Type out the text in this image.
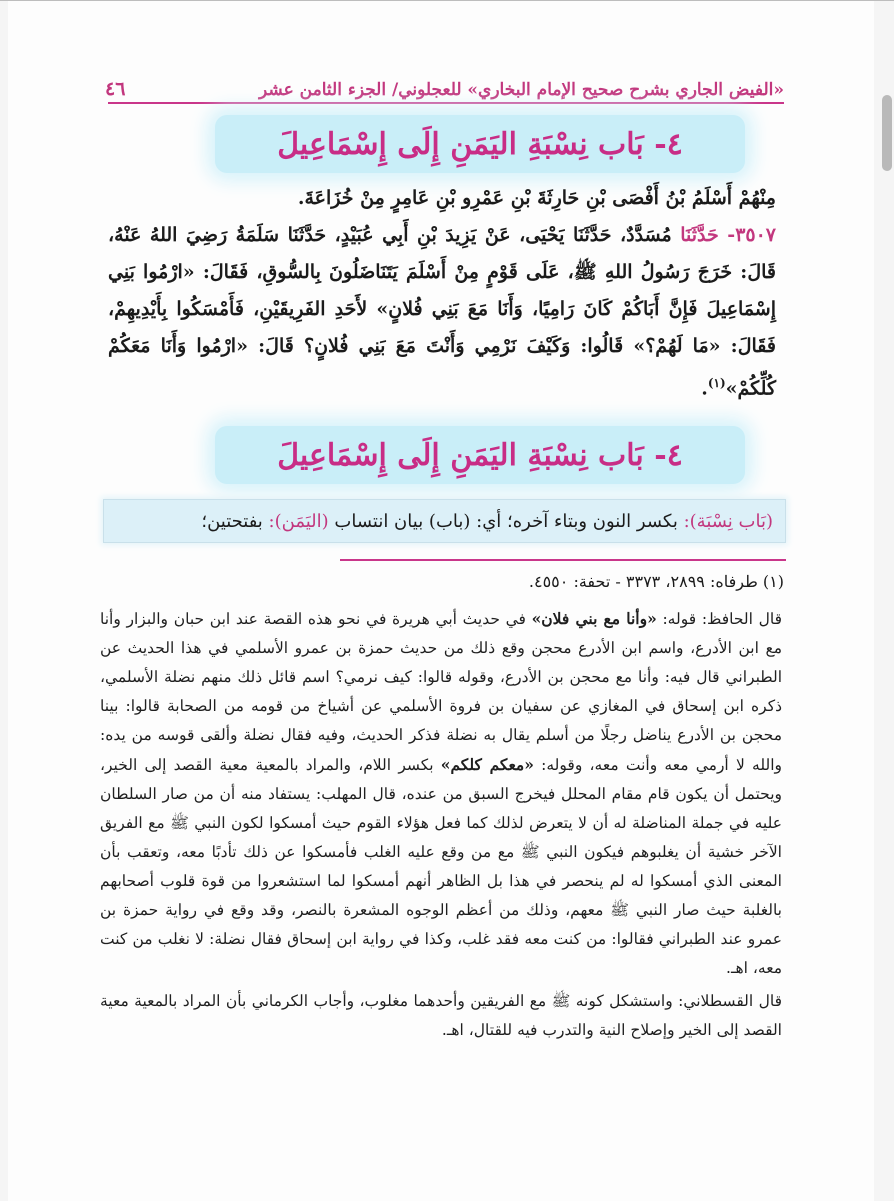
«الفيض الجاري بشرح صحيح الإمام البخاري» للعجلوني/ الجزء الثامن عشر
٤٦
٤- بَاب نِسْبَةِ اليَمَنِ إِلَى إِسْمَاعِيلَ
مِنْهُمْ أَسْلَمُ بْنُ أَفْصَى بْنِ حَارِثَةَ بْنِ عَمْرِو بْنِ عَامِرٍ مِنْ خُزَاعَةَ.
٣٥٠٧- حَدَّثَنَا مُسَدَّدٌ، حَدَّثَنَا يَحْيَى، عَنْ يَزِيدَ بْنِ أَبِي عُبَيْدٍ، حَدَّثَنَا سَلَمَةُ رَضِيَ اللهُ عَنْهُ، قَالَ: خَرَجَ رَسُولُ اللهِ ﷺ، عَلَى قَوْمٍ مِنْ أَسْلَمَ يَتَنَاضَلُونَ بِالسُّوقِ، فَقَالَ: «ارْمُوا بَنِي إِسْمَاعِيلَ فَإِنَّ أَبَاكُمْ كَانَ رَامِيًا، وَأَنَا مَعَ بَنِي فُلانٍ» لأَحَدِ الفَرِيقَيْنِ، فَأَمْسَكُوا بِأَيْدِيهِمْ، فَقَالَ: «مَا لَهُمْ؟» قَالُوا: وَكَيْفَ نَرْمِي وَأَنْتَ مَعَ بَنِي فُلانٍ؟ قَالَ: «ارْمُوا وَأَنَا مَعَكُمْ كُلِّكُمْ»$^{(١)}$.
٤- بَاب نِسْبَةِ اليَمَنِ إِلَى إِسْمَاعِيلَ
(بَاب نِسْبَة): بكسر النون وبتاء آخره؛ أي: (باب) بيان انتساب (اليَمَن): بفتحتين؛
(١) طرفاه: ٢٨٩٩، ٣٣٧٣ - تحفة: ٤٥٥٠.

قال الحافظ: قوله: «وأنا مع بني فلان» في حديث أبي هريرة في نحو هذه القصة عند ابن حبان والبزار وأنا مع ابن الأدرع، واسم ابن الأدرع محجن وقع ذلك من حديث حمزة بن عمرو الأسلمي في هذا الحديث عن الطبراني قال فيه: وأنا مع محجن بن الأدرع، وقوله قالوا: كيف نرمي؟ اسم قائل ذلك منهم نضلة الأسلمي، ذكره ابن إسحاق في المغازي عن سفيان بن فروة الأسلمي عن أشياخ من قومه من الصحابة قالوا: بينا محجن بن الأدرع يناضل رجلًا من أسلم يقال به نضلة فذكر الحديث، وفيه فقال نضلة وألقى قوسه من يده: والله لا أرمي معه وأنت معه، وقوله: «معكم كلكم» بكسر اللام، والمراد بالمعية معية القصد إلى الخير، ويحتمل أن يكون قام مقام المحلل فيخرج السبق من عنده، قال المهلب: يستفاد منه أن من صار السلطان عليه في جملة المناضلة له أن لا يتعرض لذلك كما فعل هؤلاء القوم حيث أمسكوا لكون النبي ﷺ مع الفريق الآخر خشية أن يغلبوهم فيكون النبي ﷺ مع من وقع عليه الغلب فأمسكوا عن ذلك تأدبًا معه، وتعقب بأن المعنى الذي أمسكوا له لم ينحصر في هذا بل الظاهر أنهم أمسكوا لما استشعروا من قوة قلوب أصحابهم بالغلبة حيث صار النبي ﷺ معهم، وذلك من أعظم الوجوه المشعرة بالنصر، وقد وقع في رواية حمزة بن عمرو عند الطبراني فقالوا: من كنت معه فقد غلب، وكذا في رواية ابن إسحاق فقال نضلة: لا نغلب من كنت معه، اهـ.

قال القسطلاني: واستشكل كونه ﷺ مع الفريقين وأحدهما مغلوب، وأجاب الكرماني بأن المراد بالمعية معية القصد إلى الخير وإصلاح النية والتدرب فيه للقتال، اهـ.
